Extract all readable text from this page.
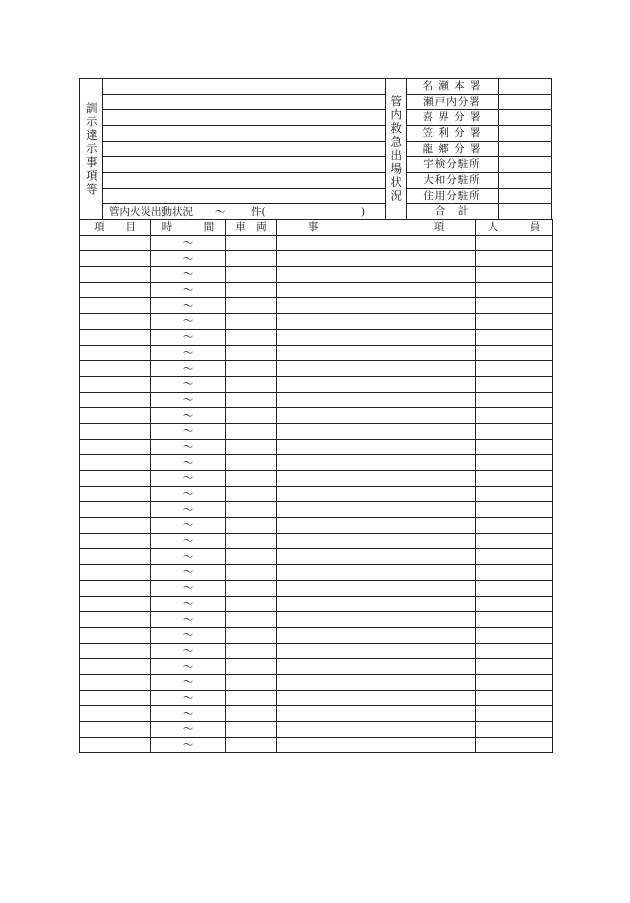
訓示達示事項等
管内火災出動状況 ～ 件(	)
管内救急出場状況
名 瀬 本 署
瀬戸内分署
喜 界 分 署
笠 利 分 署
龍 郷 分 署
宇検分駐所
大和分駐所
住用分駐所
合　計
項　　目	時　　　間	車　両	事　　　　　　　　　　　項	人　　　員
	～			
	～			
	～			
	～			
	～			
	～			
	～			
	～			
	～			
	～			
	～			
	～			
	～			
	～			
	～			
	～			
	～			
	～			
	～			
	～			
	～			
	～			
	～			
	～			
	～			
	～			
	～			
	～			
	～			
	～			
	～			
	～			
	～			
